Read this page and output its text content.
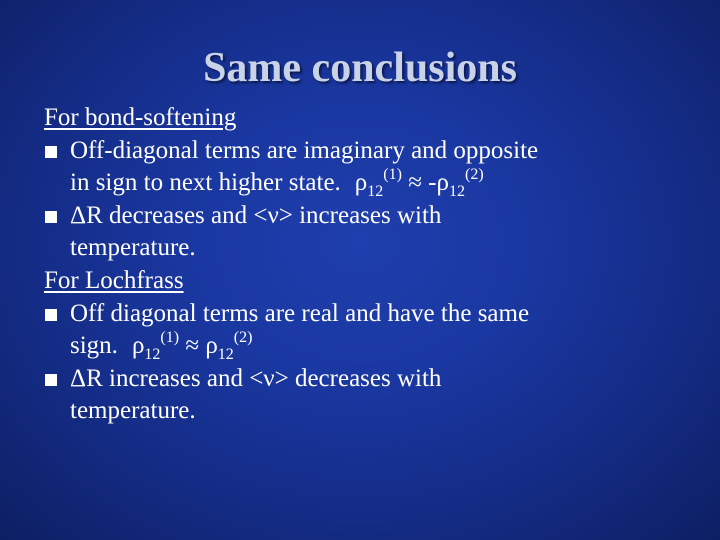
Same conclusions
For bond-softening
Off-diagonal terms are imaginary and opposite
in sign to next higher state. $\rho_{12}^{(1)} \approx -\rho_{12}^{(2)}$
ΔR decreases and <ν> increases with
temperature.
For Lochfrass
Off diagonal terms are real and have the same
sign. $\rho_{12}^{(1)} \approx \rho_{12}^{(2)}$
ΔR increases and <ν> decreases with
temperature.
